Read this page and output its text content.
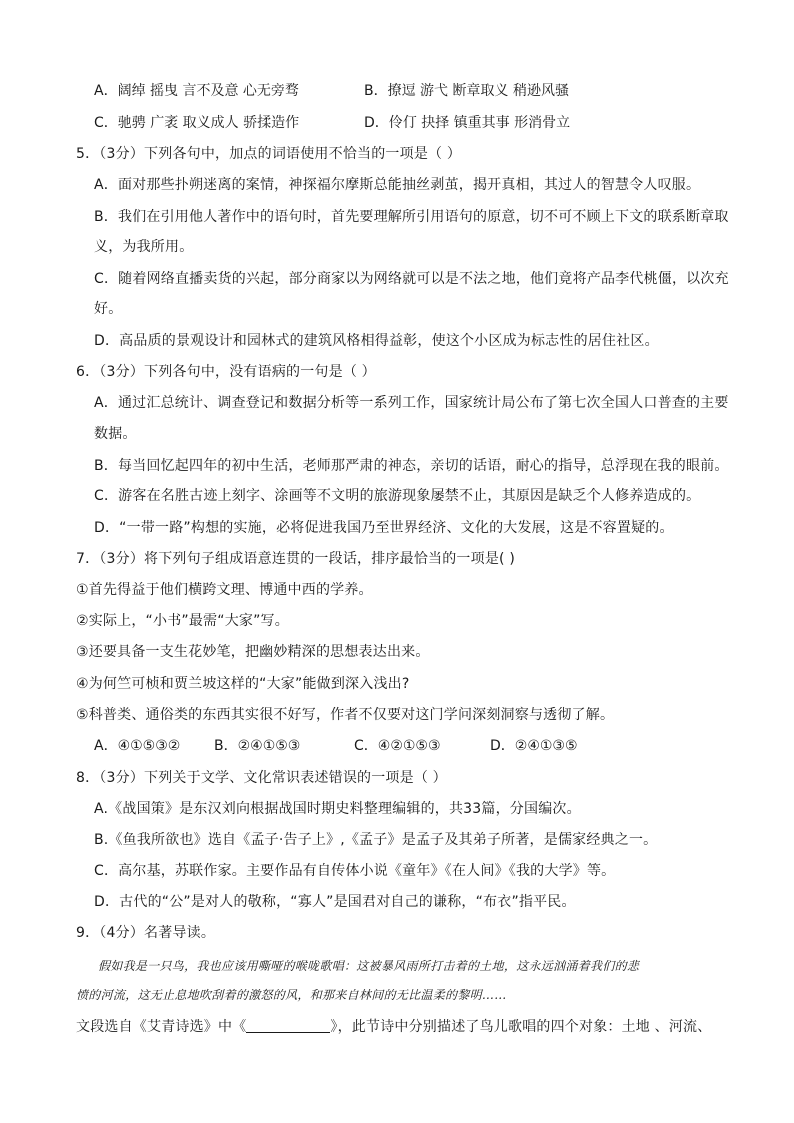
A．阔绰 摇曳 言不及意 心无旁骛	B．撩逗 游弋 断章取义 稍逊风骚
C．驰骋 广袤 取义成人 骄揉造作	D．伶仃 抉择 镇重其事 形消骨立
5．（3分）下列各句中，加点的词语使用不恰当的一项是（ ）
A．面对那些扑朔迷离的案情，神探福尔摩斯总能抽丝剥茧，揭开真相，其过人的智慧令人叹服。
B．我们在引用他人著作中的语句时，首先要理解所引用语句的原意，切不可不顾上下文的联系断章取
义，为我所用。
C．随着网络直播卖货的兴起，部分商家以为网络就可以是不法之地，他们竟将产品李代桃僵，以次充
好。
D．高品质的景观设计和园林式的建筑风格相得益彰，使这个小区成为标志性的居住社区。
6．（3分）下列各句中，没有语病的一句是（ ）
A．通过汇总统计、调查登记和数据分析等一系列工作，国家统计局公布了第七次全国人口普查的主要
数据。
B．每当回忆起四年的初中生活，老师那严肃的神态，亲切的话语，耐心的指导，总浮现在我的眼前。
C．游客在名胜古迹上刻字、涂画等不文明的旅游现象屡禁不止，其原因是缺乏个人修养造成的。
D．“一带一路”构想的实施，必将促进我国乃至世界经济、文化的大发展，这是不容置疑的。
7．（3分）将下列句子组成语意连贯的一段话，排序最恰当的一项是( )
①首先得益于他们横跨文理、博通中西的学养。
②实际上，“小书”最需“大家”写。
③还要具备一支生花妙笔，把幽妙精深的思想表达出来。
④为何竺可桢和贾兰坡这样的“大家”能做到深入浅出?
⑤科普类、通俗类的东西其实很不好写，作者不仅要对这门学问深刻洞察与透彻了解。
A．④①⑤③② B．②④①⑤③	C．④②①⑤③	D．②④①③⑤
8．（3分）下列关于文学、文化常识表述错误的一项是（ ）
A.《战国策》是东汉刘向根据战国时期史料整理编辑的，共33篇，分国编次。
B.《鱼我所欲也》选自《孟子·告子上》,《孟子》是孟子及其弟子所著，是儒家经典之一。
C．高尔基，苏联作家。主要作品有自传体小说《童年》《在人间》《我的大学》等。
D．古代的“公”是对人的敬称，“寡人”是国君对自己的谦称，“布衣”指平民。
9．（4分）名著导读。
假如我是一只鸟，我也应该用嘶哑的喉咙歌唱：这被暴风雨所打击着的土地，这永远汹涌着我们的悲
愤的河流，这无止息地吹刮着的激怒的风，和那来自林间的无比温柔的黎明……
文段选自《艾青诗选》中《	》，此节诗中分别描述了鸟儿歌唱的四个对象：土地 、河流、
